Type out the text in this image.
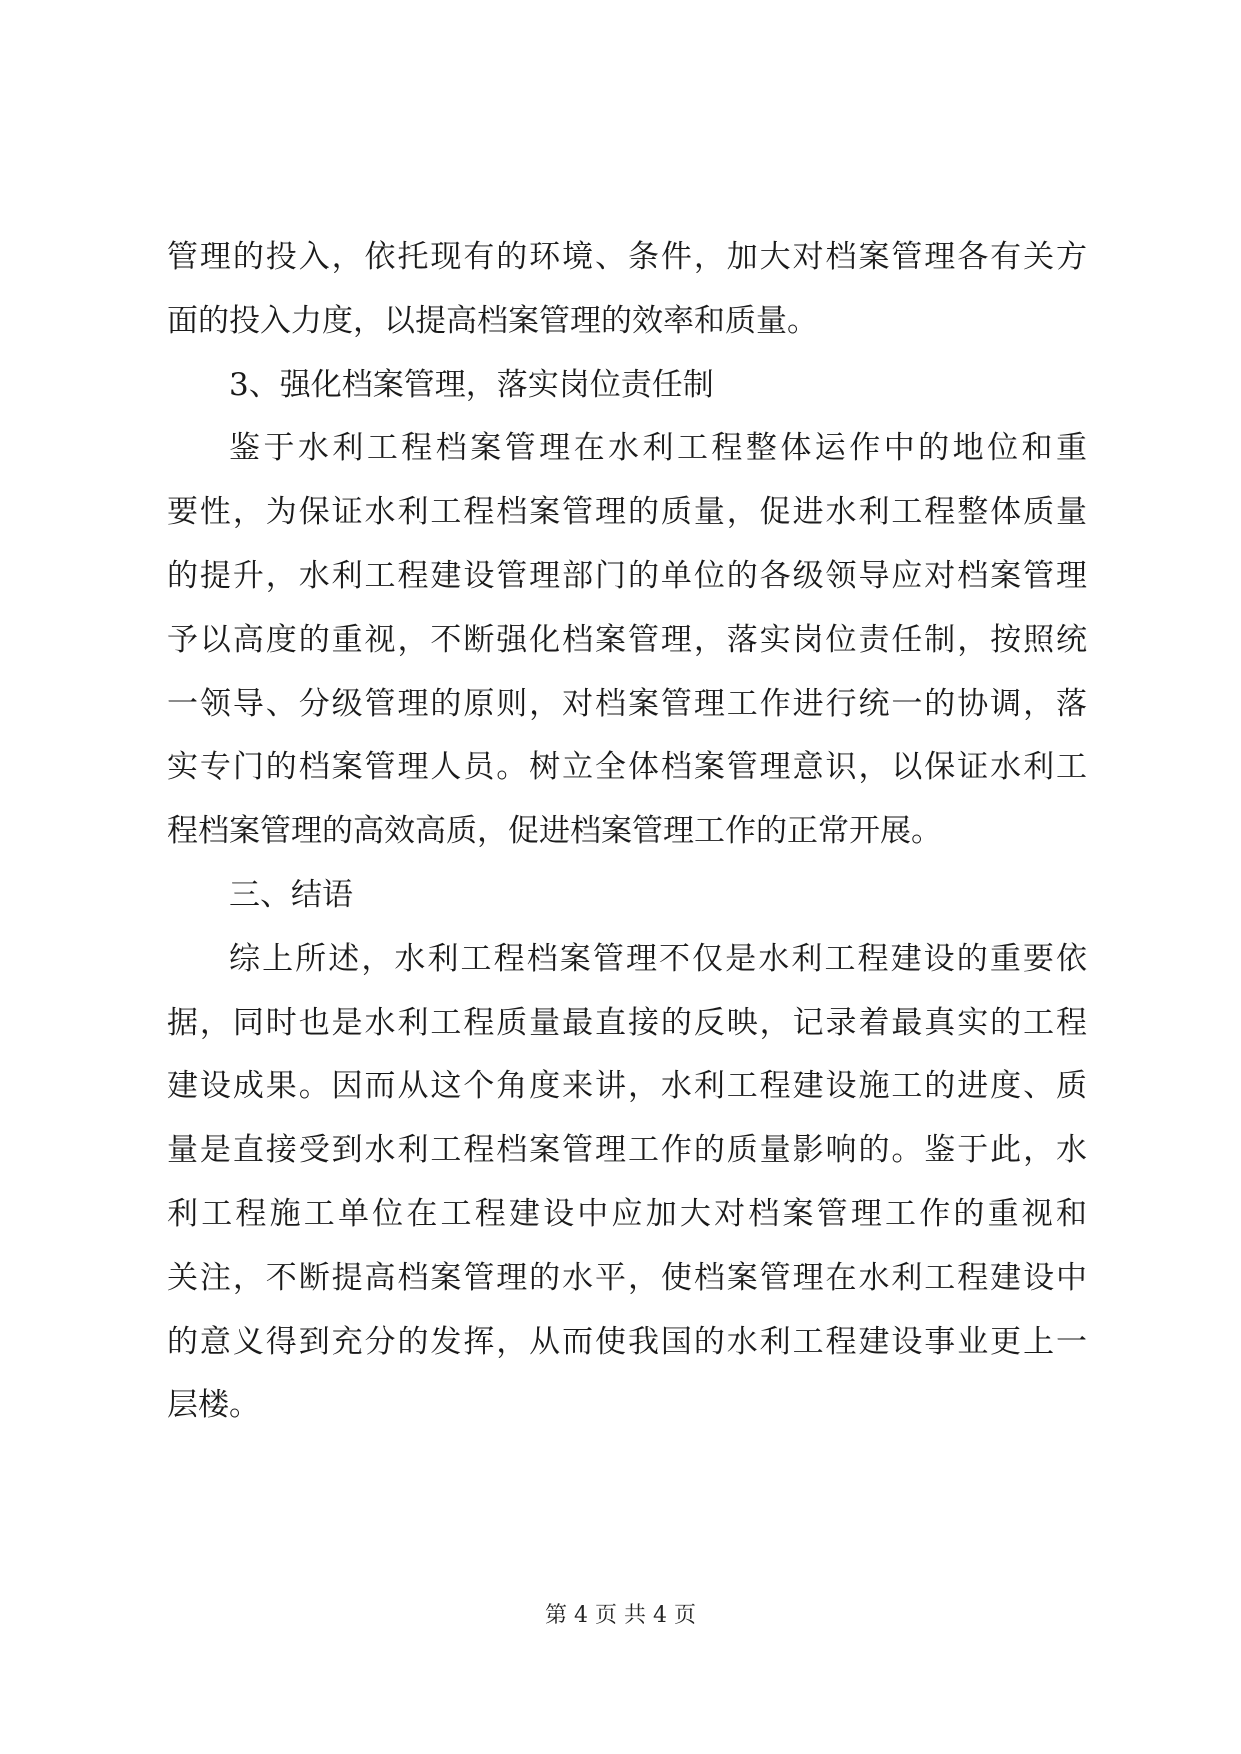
管理的投入，依托现有的环境、条件，加大对档案管理各有关方
面的投入力度，以提高档案管理的效率和质量。
3、强化档案管理，落实岗位责任制
鉴于水利工程档案管理在水利工程整体运作中的地位和重
要性，为保证水利工程档案管理的质量，促进水利工程整体质量
的提升，水利工程建设管理部门的单位的各级领导应对档案管理
予以高度的重视，不断强化档案管理，落实岗位责任制，按照统
一领导、分级管理的原则，对档案管理工作进行统一的协调，落
实专门的档案管理人员。树立全体档案管理意识，以保证水利工
程档案管理的高效高质，促进档案管理工作的正常开展。
三、结语
综上所述，水利工程档案管理不仅是水利工程建设的重要依
据，同时也是水利工程质量最直接的反映，记录着最真实的工程
建设成果。因而从这个角度来讲，水利工程建设施工的进度、质
量是直接受到水利工程档案管理工作的质量影响的。鉴于此，水
利工程施工单位在工程建设中应加大对档案管理工作的重视和
关注，不断提高档案管理的水平，使档案管理在水利工程建设中
的意义得到充分的发挥，从而使我国的水利工程建设事业更上一
层楼。
第 4 页 共 4 页
